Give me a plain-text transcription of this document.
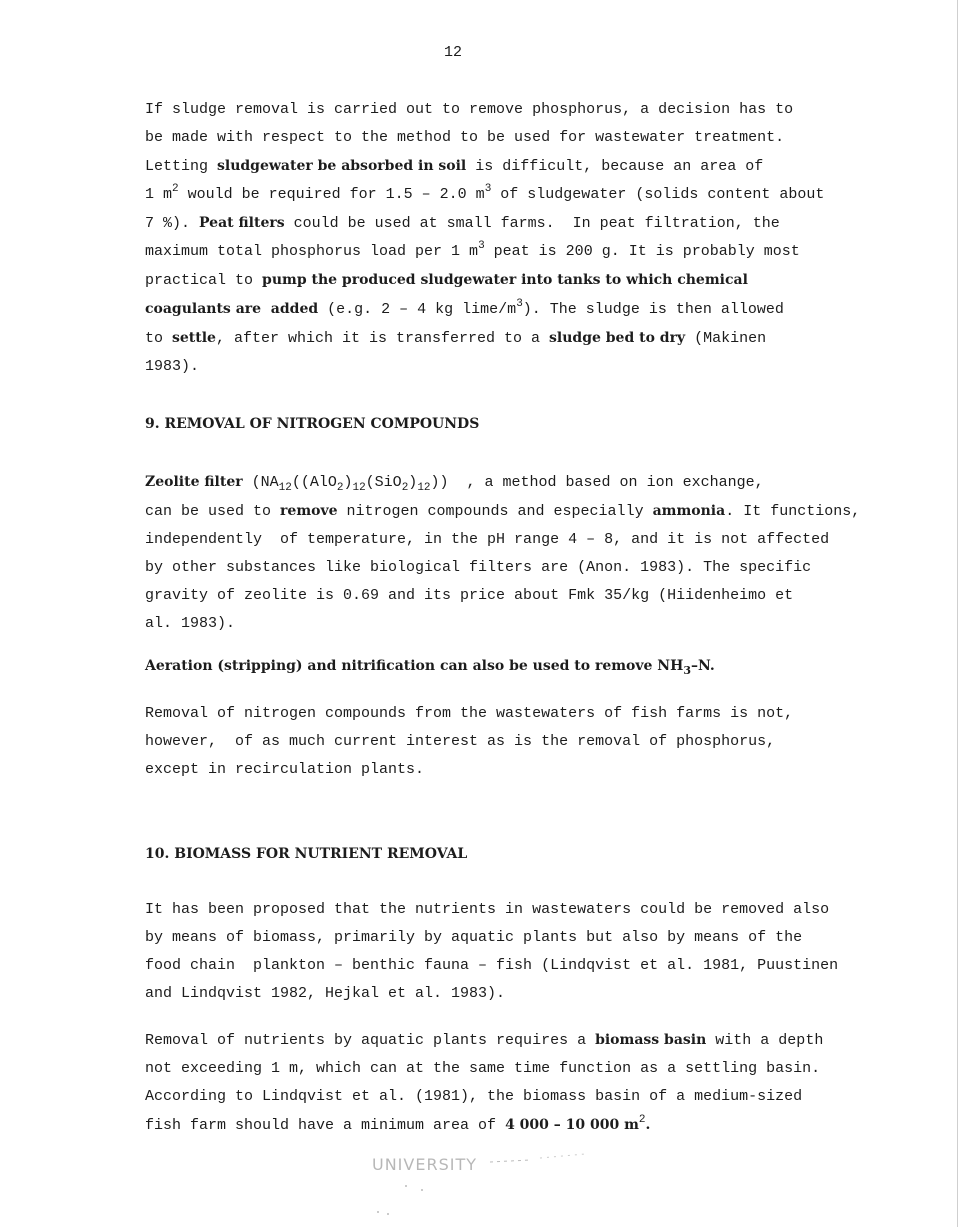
12
If sludge removal is carried out to remove phosphorus, a decision has to
be made with respect to the method to be used for wastewater treatment.
Letting sludgewater be absorbed in soil is difficult, because an area of
1 $m^2$ would be required for 1.5 – 2.0 $m^3$ of sludgewater (solids content about
7 %). Peat filters could be used at small farms.  In peat filtration, the
maximum total phosphorus load per 1 $m^3$ peat is 200 g. It is probably most
practical to pump the produced sludgewater into tanks to which chemical
coagulants are  added (e.g. 2 – 4 kg lime/$m^3$). The sludge is then allowed
to settle, after which it is transferred to a sludge bed to dry (Makinen
1983).
9. REMOVAL OF NITROGEN COMPOUNDS
Zeolite filter $(NA_{12}((AlO_2)_{12}(SiO_2)_{12}))$  , a method based on ion exchange,
can be used to remove nitrogen compounds and especially ammonia. It functions,
independently  of temperature, in the pH range 4 – 8, and it is not affected
by other substances like biological filters are (Anon. 1983). The specific
gravity of zeolite is 0.69 and its price about Fmk 35/kg (Hiidenheimo et
al. 1983).
Aeration (stripping) and nitrification can also be used to remove $NH_3-N$.
Removal of nitrogen compounds from the wastewaters of fish farms is not,
however,  of as much current interest as is the removal of phosphorus,
except in recirculation plants.
10. BIOMASS FOR NUTRIENT REMOVAL
It has been proposed that the nutrients in wastewaters could be removed also
by means of biomass, primarily by aquatic plants but also by means of the
food chain  plankton – benthic fauna – fish (Lindqvist et al. 1981, Puustinen
and Lindqvist 1982, Hejkal et al. 1983).
Removal of nutrients by aquatic plants requires a biomass basin with a depth
not exceeding 1 m, which can at the same time function as a settling basin.
According to Lindqvist et al. (1981), the biomass basin of a medium-sized
fish farm should have a minimum area of 4 000 – 10 000 $m^2$.
UNIVERSITY
